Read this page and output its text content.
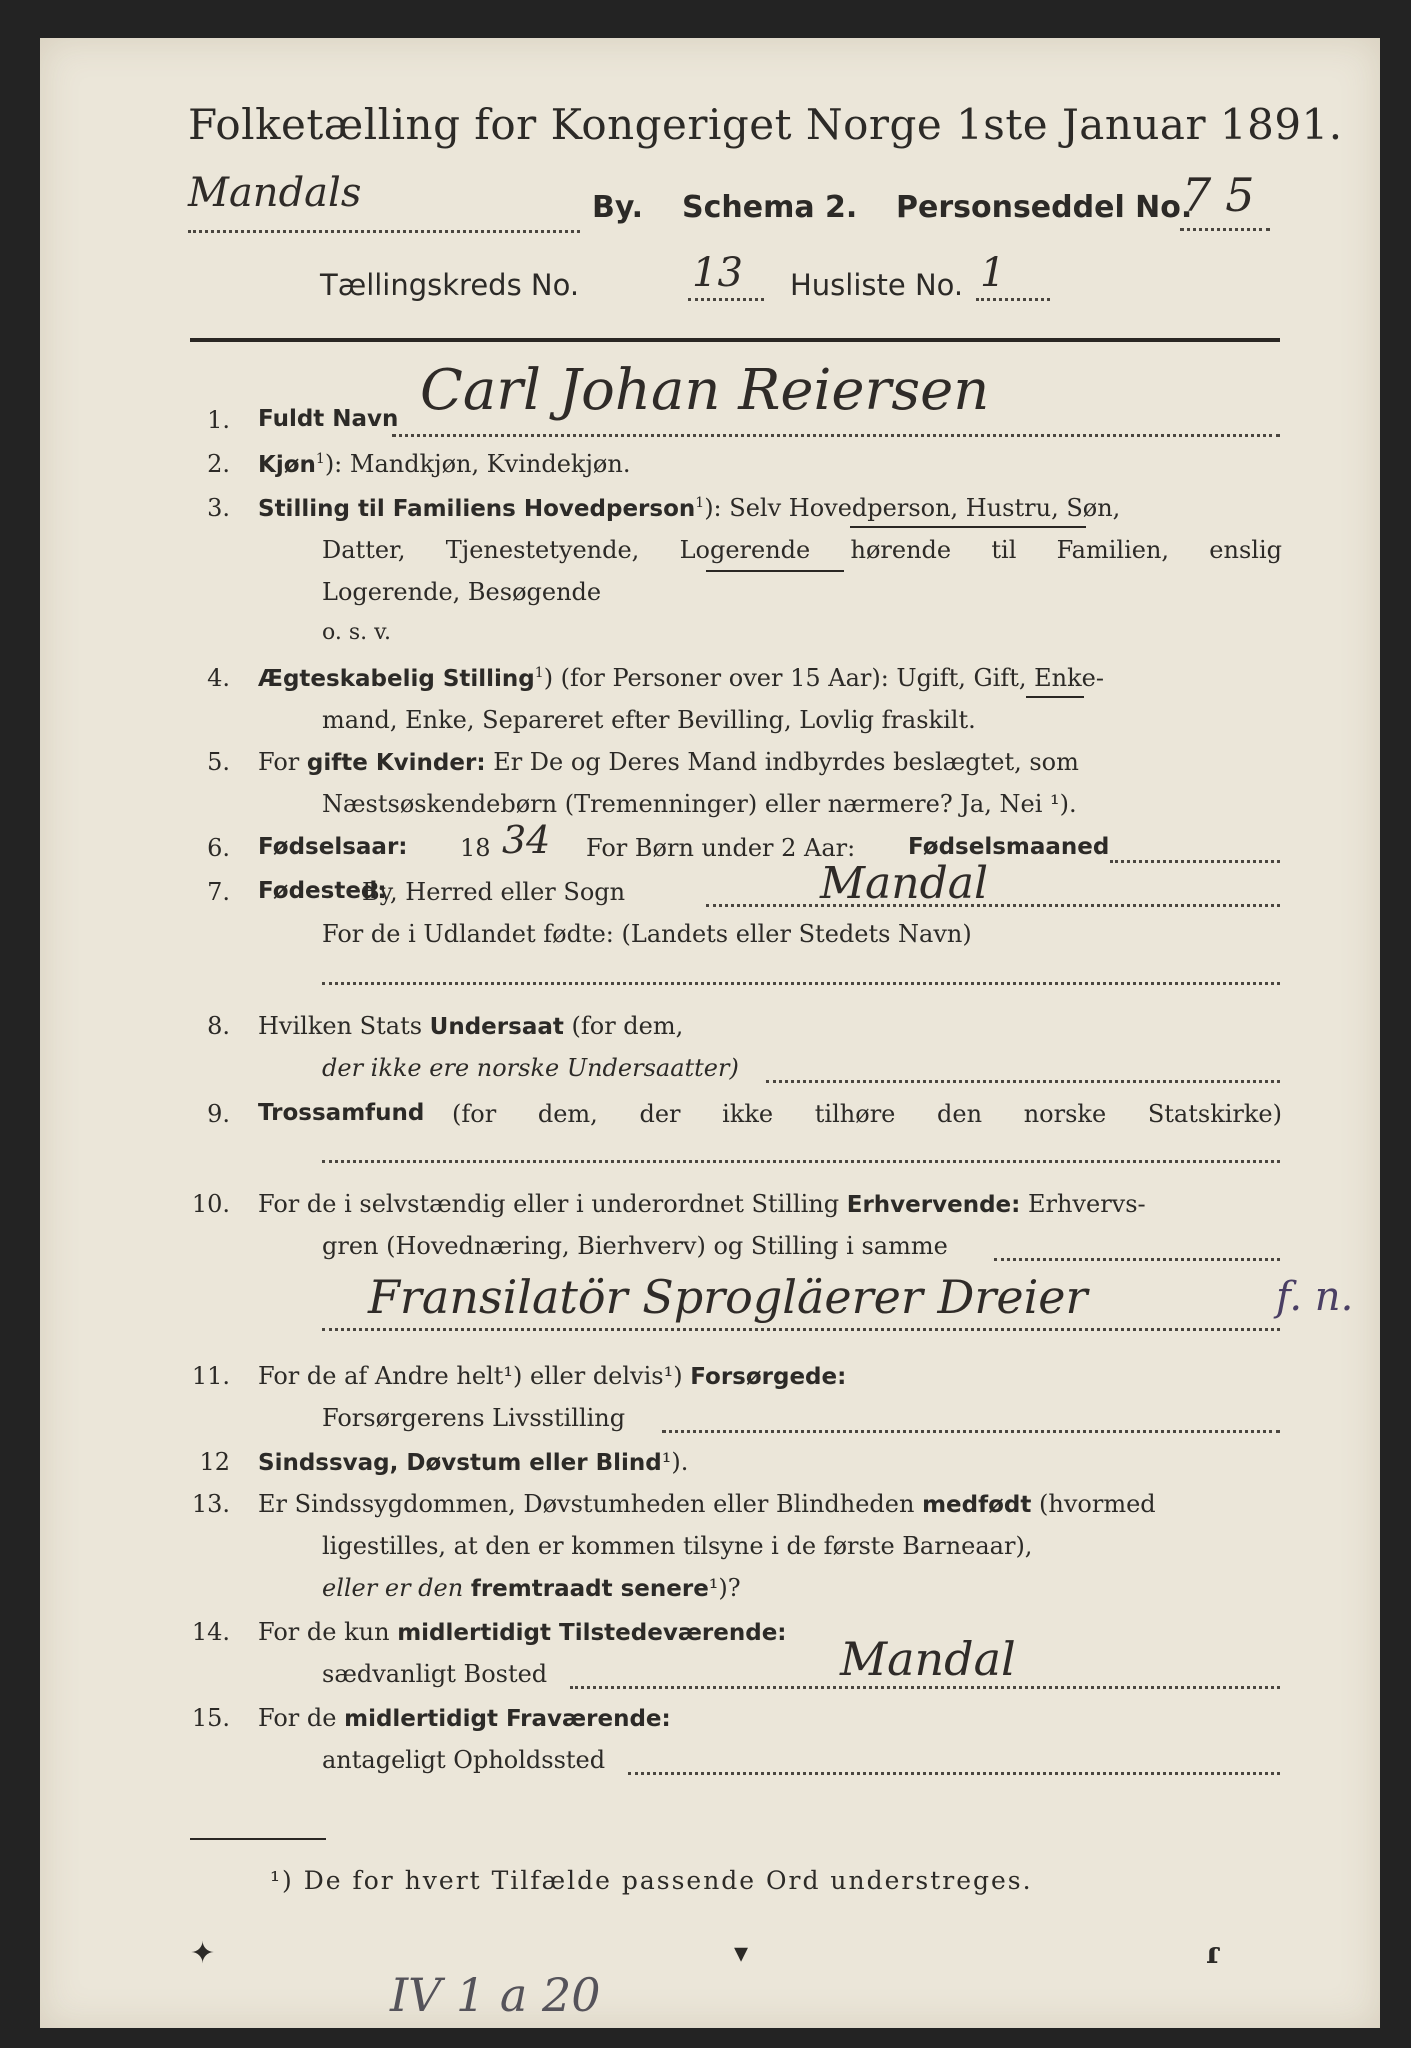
Folketælling for Kongeriget Norge 1ste Januar 1891.
Mandals	By. Schema 2. Personseddel No.
75
Tællingskreds No.	13 Husliste No. 1
1. Fuldt Navn Carl Johan Reiersen
2. Kjøn$^1$): Mandkjøn, Kvindekjøn.
3. Stilling til Familiens Hovedperson$^1$): Selv Hovedperson, Hustru, Søn,
Datter, Tjenestetyende, Logerende hørende til Familien, enslig
Logerende, Besøgende
o. s. v.
4. Ægteskabelig Stilling$^1$) (for Personer over 15 Aar): Ugift, Gift, Enke-
mand, Enke, Separeret efter Bevilling, Lovlig fraskilt.
5. For gifte Kvinder: Er De og Deres Mand indbyrdes beslægtet, som
Næstsøskendebørn (Tremenninger) eller nærmere? Ja, Nei ¹).
6. Fødselsaar: 18 34 For Børn under 2 Aar: Fødselsmaaned
7. Fødested:
By, Herred eller Sogn	Mandal
For de i Udlandet fødte: (Landets eller Stedets Navn)
8. Hvilken Stats Undersaat (for dem,
der ikke ere norske Undersaatter)
9. Trossamfund (for dem, der ikke tilhøre den norske Statskirke)
10. For de i selvstændig eller i underordnet Stilling Erhvervende: Erhvervs-
gren (Hovednæring, Bierhverv) og Stilling i samme
Fransilatör Sprogläerer Dreier	f. n.
11. For de af Andre helt¹) eller delvis¹) Forsørgede:
Forsørgerens Livsstilling
12 Sindssvag, Døvstum eller Blind¹).
13. Er Sindssygdommen, Døvstumheden eller Blindheden medfødt (hvormed
ligestilles, at den er kommen tilsyne i de første Barneaar),
eller er den fremtraadt senere¹)?
14. For de kun midlertidigt Tilstedeværende:
sædvanligt Bosted	Mandal
15. For de midlertidigt Fraværende:
antageligt Opholdssted
¹) De for hvert Tilfælde passende Ord understreges.
✦	▾	ɾ
IV 1 a 20
